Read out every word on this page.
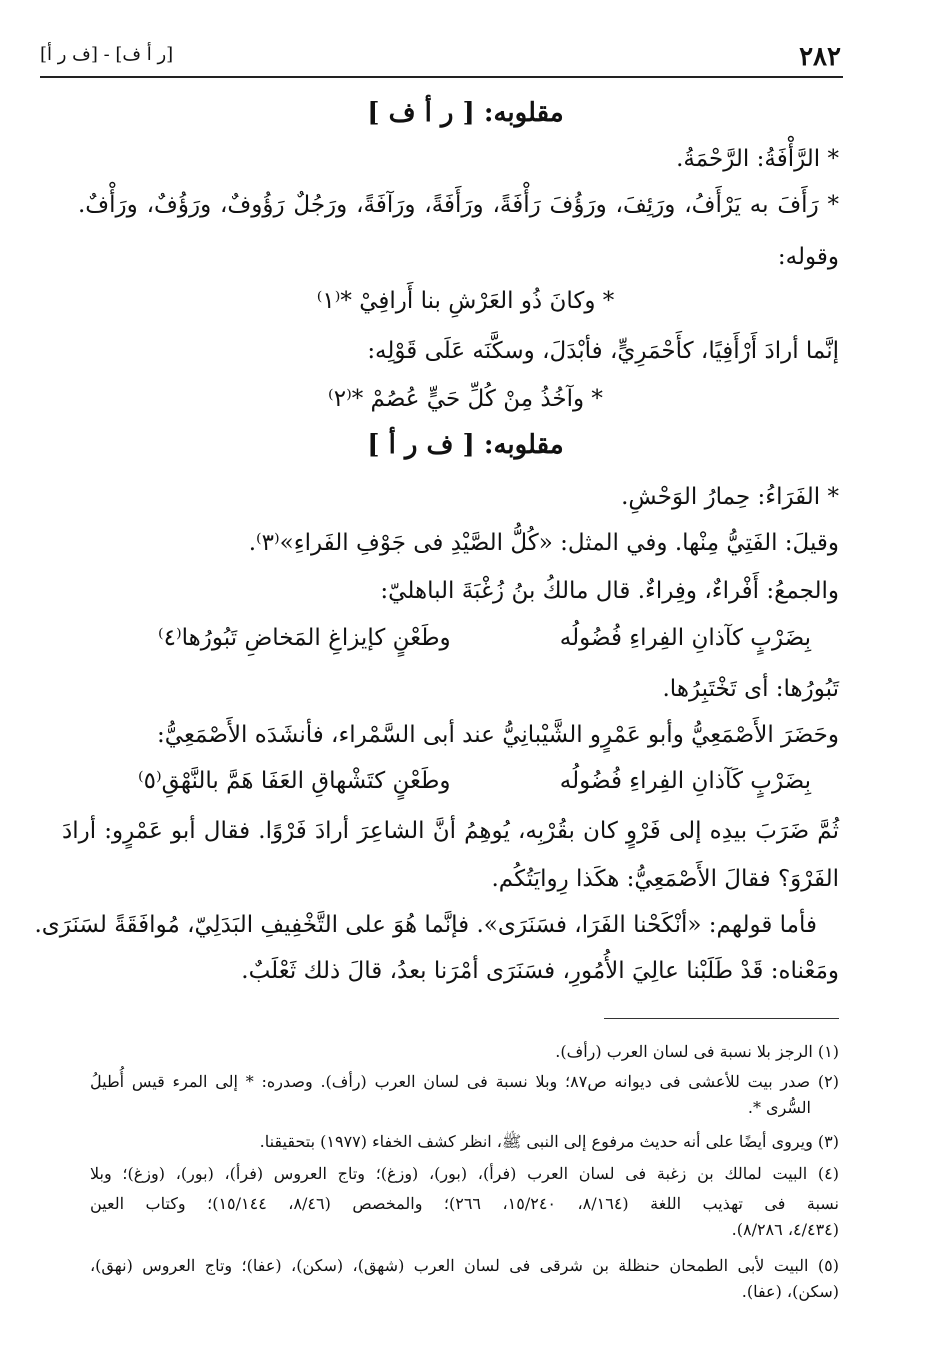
٢٨٢
[ر أ ف] - [ف ر أ]
مقلوبه: [ ر أ ف ]
* الرَّأْفَةُ: الرَّحْمَةُ.
* رَأَفَ به يَرْأَفُ، ورَئِفَ، ورَؤُفَ رَأْفَةً، ورَأَفَةً، ورَآفَةً، ورَجُلٌ رَؤُوفٌ، ورَؤُفٌ، ورَأْفٌ.
وقوله:
* وكانَ ذُو العَرْشِ بنا أَرافِيْ *⁽١⁾
إنَّما أرادَ أَرْأَفِيًا، كأَحْمَرِيٍّ، فأبْدَلَ، وسكَّنَه عَلَى قَوْلِه:
* وآخُذُ مِنْ كُلِّ حَيٍّ عُصُمْ *⁽٢⁾
مقلوبه: [ ف ر أ ]
* الفَرَاءُ: حِمارُ الوَحْشِ.
وقيلَ: الفَتِيُّ مِنْها. وفي المثل: «كُلُّ الصَّيْدِ فى جَوْفِ الفَراءِ»⁽٣⁾.
والجمعُ: أَفْراءٌ، وفِراءٌ. قال مالكُ بنُ زُغْبَةَ الباهليّ:
بِضَرْبٍ كآذانِ الفِراءِ فُضُولُه
وطَعْنٍ كإيزاغِ المَخاضِ تَبُورُها⁽٤⁾
تَبُورُها: أى تَخْتَبِرُها.
وحَضَرَ الأَصْمَعِيُّ وأبو عَمْرٍو الشَّيْبانِيُّ عند أبى السَّمْراء، فأنشَدَه الأَصْمَعِيُّ:
بِضَرْبٍ كَآذانِ الفِراءِ فُضُولُه
وطَعْنٍ كتَشْهاقِ العَفَا هَمَّ بالنَّهْقِ⁽٥⁾
ثُمَّ ضَرَبَ بيدِه إلى فَرْوٍ كان بقُرْبِه، يُوهِمُ أنَّ الشاعِرَ أرادَ فَرْوًا. فقال أبو عَمْرٍو: أرادَ
الفَرْوَ؟ فقالَ الأَصْمَعِيُّ: هكَذا رِوايَتُكُم.
فأما قولهم: «أنْكَحْنا الفَرَا، فسَنَرَى». فإنَّما هُوَ على التَّخْفِيفِ البَدَلِيّ، مُوافَقَةً لسَنَرَى.
ومَعْناه: قَدْ طَلَبْنا عالِيَ الأُمُورِ، فسَنَرَى أمْرَنا بعدُ، قالَ ذلك ثَعْلَبٌ.
(١) الرجز بلا نسبة فى لسان العرب (رأف).
(٢) صدر بيت للأعشى فى ديوانه ص٨٧؛ وبلا نسبة فى لسان العرب (رأف). وصدره: * إلى المرء قيس أُطيلُ
السُّرى *.
(٣) ويروى أيضًا على أنه حديث مرفوع إلى النبى ﷺ، انظر كشف الخفاء (١٩٧٧) بتحقيقنا.
(٤) البيت لمالك بن زغبة فى لسان العرب (فرأ)، (بور)، (وزغ)؛ وتاج العروس (فرأ)، (بور)، (وزغ)؛ وبلا
نسبة فى تهذيب اللغة (٨/١٦٤، ١٥/٢٤٠، ٢٦٦)؛ والمخصص (٨/٤٦، ١٥/١٤٤)؛ وكتاب العين
(٤/٤٣٤، ٨/٢٨٦).
(٥) البيت لأبى الطمحان حنظلة بن شرقى فى لسان العرب (شهق)، (سكن)، (عفا)؛ وتاج العروس (نهق)،
(سكن)، (عفا).
